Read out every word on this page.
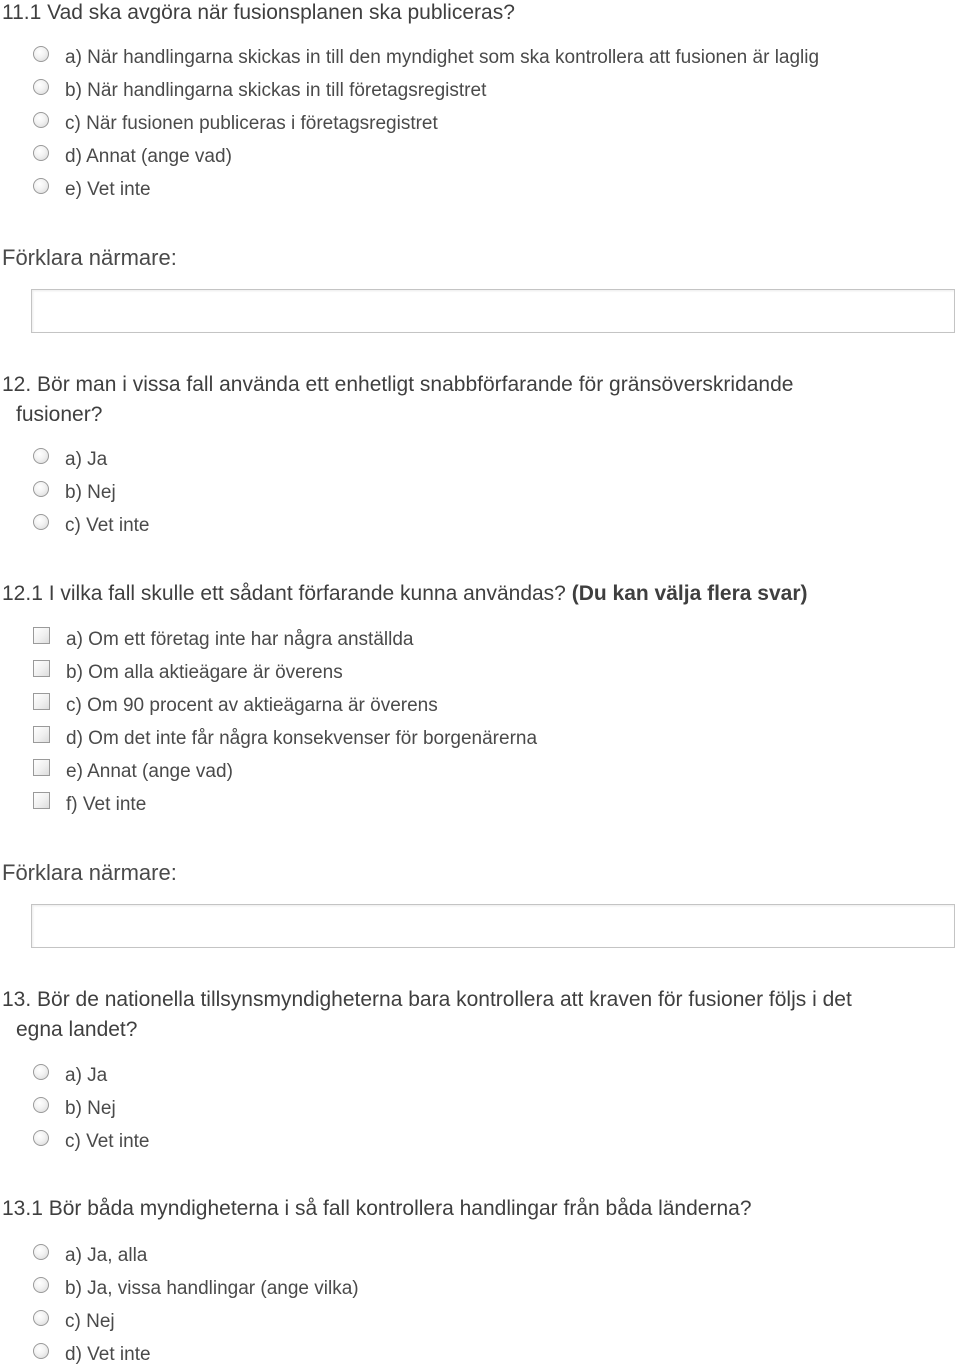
11.1 Vad ska avgöra när fusionsplanen ska publiceras?
a) När handlingarna skickas in till den myndighet som ska kontrollera att fusionen är laglig
b) När handlingarna skickas in till företagsregistret
c) När fusionen publiceras i företagsregistret
d) Annat (ange vad)
e) Vet inte
Förklara närmare:
12. Bör man i vissa fall använda ett enhetligt snabbförfarande för gränsöverskridande
fusioner?
a) Ja
b) Nej
c) Vet inte
12.1 I vilka fall skulle ett sådant förfarande kunna användas? (Du kan välja flera svar)
a) Om ett företag inte har några anställda
b) Om alla aktieägare är överens
c) Om 90 procent av aktieägarna är överens
d) Om det inte får några konsekvenser för borgenärerna
e) Annat (ange vad)
f) Vet inte
Förklara närmare:
13. Bör de nationella tillsynsmyndigheterna bara kontrollera att kraven för fusioner följs i det
egna landet?
a) Ja
b) Nej
c) Vet inte
13.1 Bör båda myndigheterna i så fall kontrollera handlingar från båda länderna?
a) Ja, alla
b) Ja, vissa handlingar (ange vilka)
c) Nej
d) Vet inte
